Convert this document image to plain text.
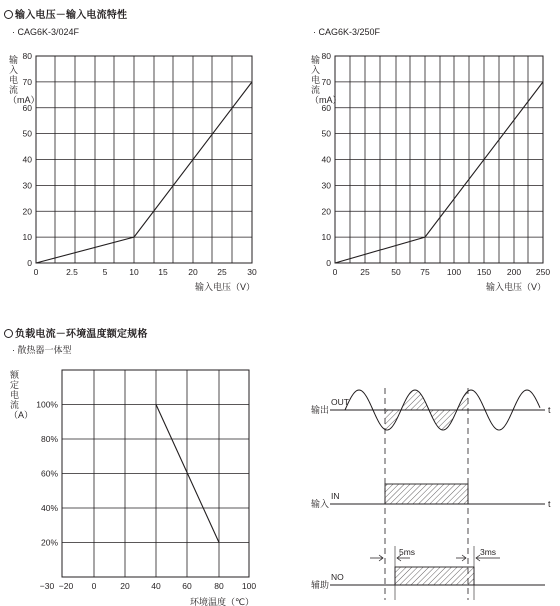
输入电压－输入电流特性
· CAG6K-3/024F	· CAG6K-3/250F
输入电流（mA）
输入电流（mA）
0
10
20
30
40
50
60
70
80
0	2.5	5	10 15 20 25 30
输入电压（V）
0
10
20
30
40
50
60
70
80
0	25	50 75 100 150 200 250
输入电压（V）
20%
40%
60%
80%
100%
−30 −20 0	20	40	60	80 100
环境温度（℃）
输出
OUT
输入
IN
辅助
NO
t
t
5ms	3ms
负载电流－环境温度额定规格
· 散热器一体型
额定电流（A）
